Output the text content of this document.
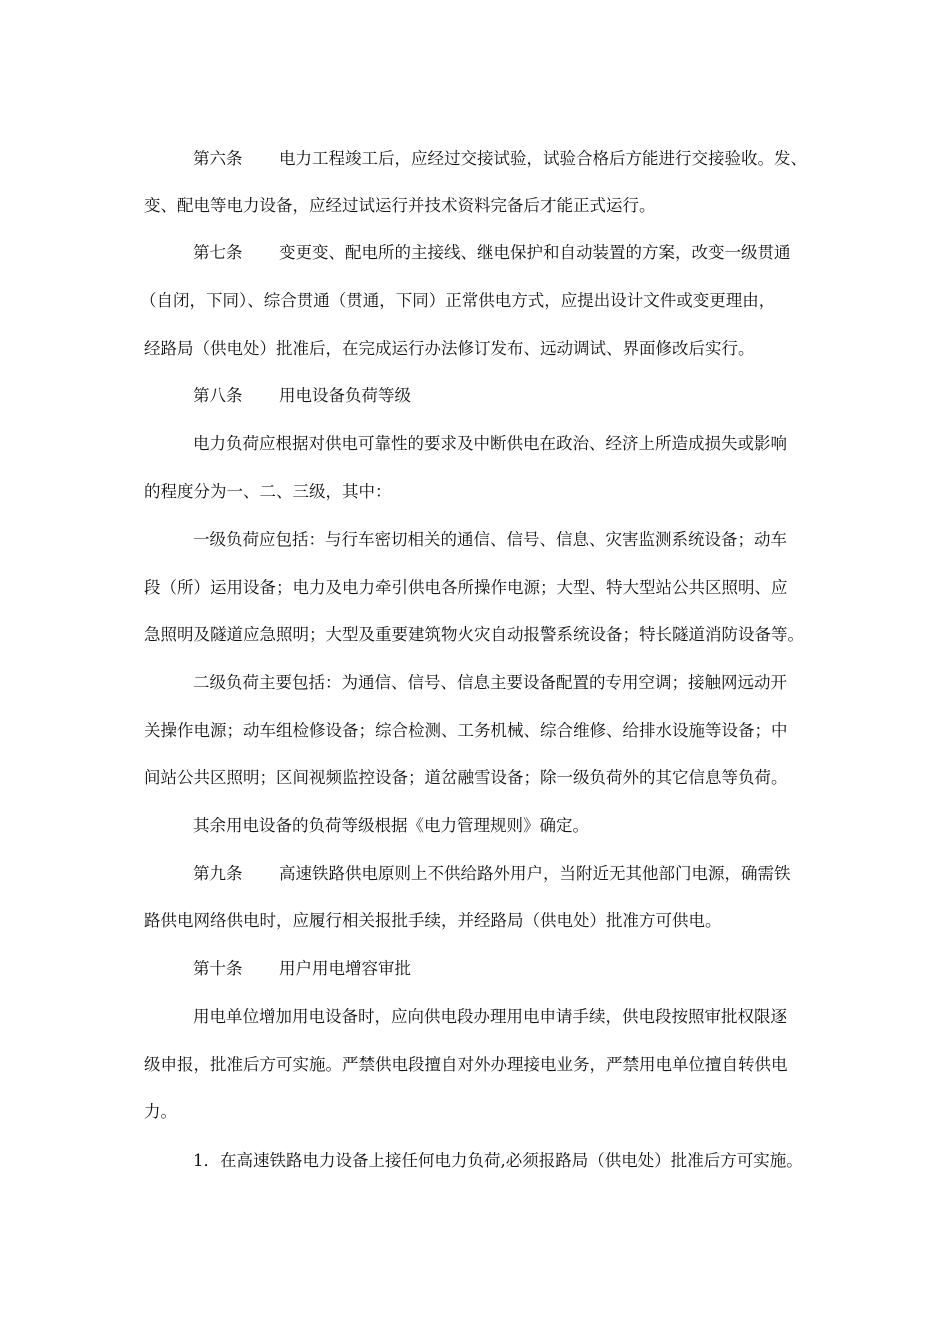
第六条 电力工程竣工后，应经过交接试验，试验合格后方能进行交接验收。发、
变、配电等电力设备，应经过试运行并技术资料完备后才能正式运行。
第七条 变更变、配电所的主接线、继电保护和自动装置的方案，改变一级贯通
（自闭，下同）、综合贯通（贯通，下同）正常供电方式，应提出设计文件或变更理由，
经路局（供电处）批准后，在完成运行办法修订发布、远动调试、界面修改后实行。
第八条 用电设备负荷等级
电力负荷应根据对供电可靠性的要求及中断供电在政治、经济上所造成损失或影响
的程度分为一、二、三级，其中：
一级负荷应包括：与行车密切相关的通信、信号、信息、灾害监测系统设备；动车
段（所）运用设备；电力及电力牵引供电各所操作电源；大型、特大型站公共区照明、应
急照明及隧道应急照明；大型及重要建筑物火灾自动报警系统设备；特长隧道消防设备等。
二级负荷主要包括：为通信、信号、信息主要设备配置的专用空调；接触网远动开
关操作电源；动车组检修设备；综合检测、工务机械、综合维修、给排水设施等设备；中
间站公共区照明；区间视频监控设备；道岔融雪设备；除一级负荷外的其它信息等负荷。
其余用电设备的负荷等级根据《电力管理规则》确定。
第九条 高速铁路供电原则上不供给路外用户，当附近无其他部门电源，确需铁
路供电网络供电时，应履行相关报批手续，并经路局（供电处）批准方可供电。
第十条 用户用电增容审批
用电单位增加用电设备时，应向供电段办理用电申请手续，供电段按照审批权限逐
级申报，批准后方可实施。严禁供电段擅自对外办理接电业务，严禁用电单位擅自转供电
力。
1．在高速铁路电力设备上接任何电力负荷,必须报路局（供电处）批准后方可实施。
